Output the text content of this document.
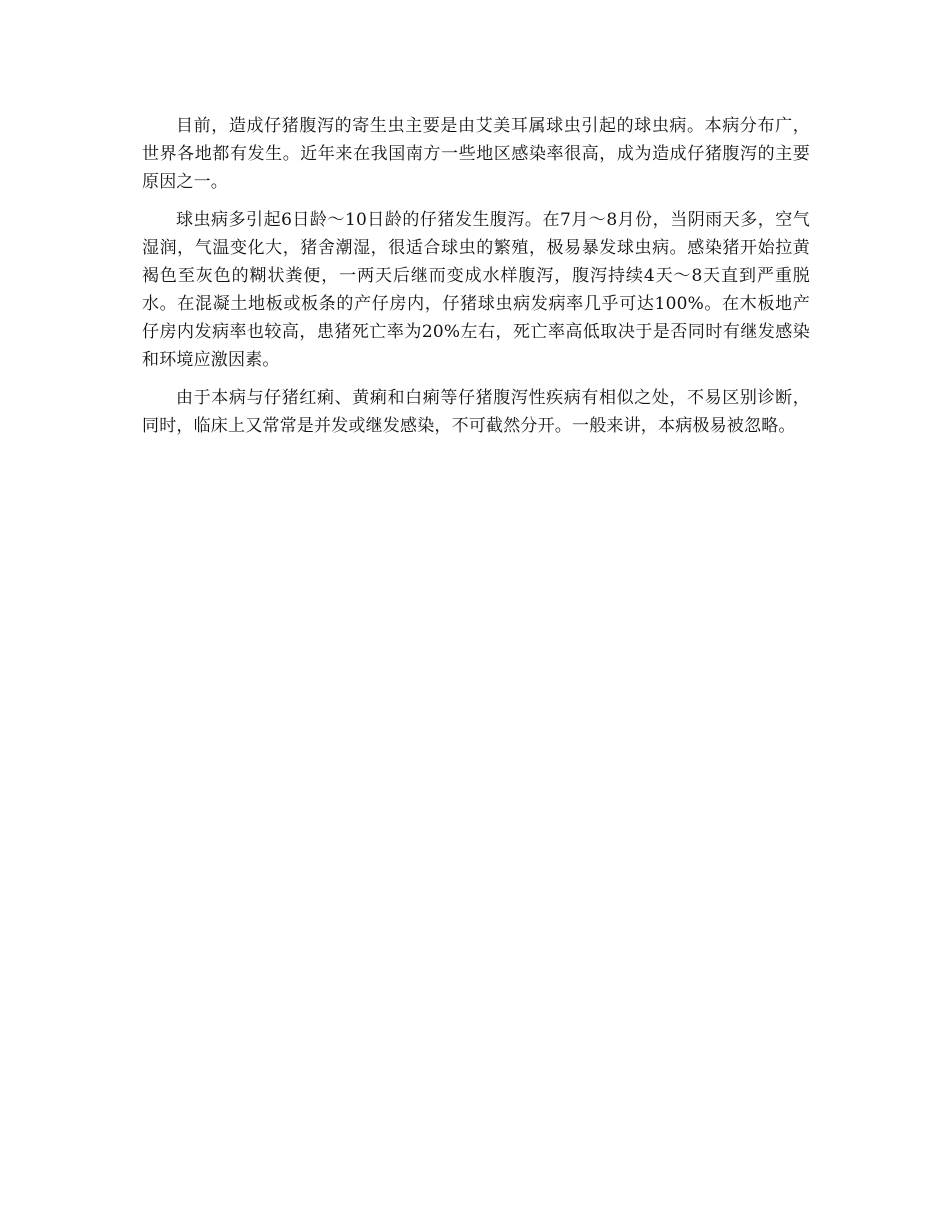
目前，造成仔猪腹泻的寄生虫主要是由艾美耳属球虫引起的球虫病。本病分布广，世界各地都有发生。近年来在我国南方一些地区感染率很高，成为造成仔猪腹泻的主要原因之一。

球虫病多引起6日龄～10日龄的仔猪发生腹泻。在7月～8月份，当阴雨天多，空气湿润，气温变化大，猪舍潮湿，很适合球虫的繁殖，极易暴发球虫病。感染猪开始拉黄褐色至灰色的糊状粪便，一两天后继而变成水样腹泻，腹泻持续4天～8天直到严重脱水。在混凝土地板或板条的产仔房内，仔猪球虫病发病率几乎可达100%。在木板地产仔房内发病率也较高，患猪死亡率为20%左右，死亡率高低取决于是否同时有继发感染和环境应激因素。

由于本病与仔猪红痢、黄痢和白痢等仔猪腹泻性疾病有相似之处，不易区别诊断，同时，临床上又常常是并发或继发感染，不可截然分开。一般来讲，本病极易被忽略。
